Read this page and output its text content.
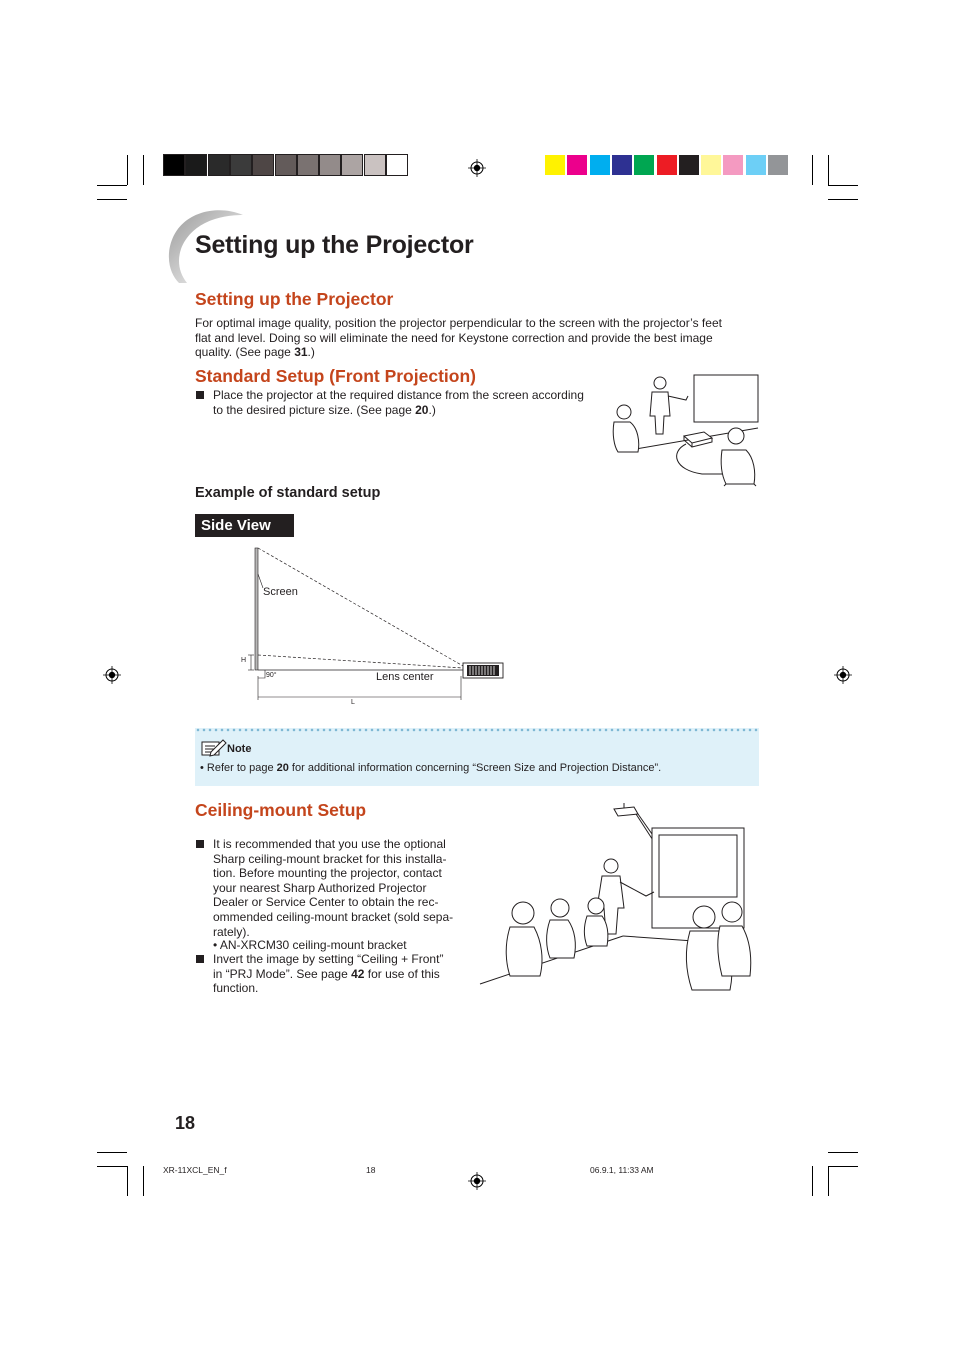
Setting up the Projector
Setting up the Projector
For optimal image quality, position the projector perpendicular to the screen with the projector’s feet
flat and level. Doing so will eliminate the need for Keystone correction and provide the best image
quality. (See page 31.)
Standard Setup (Front Projection)
Place the projector at the required distance from the screen according
to the desired picture size. (See page 20.)
Example of standard setup
Side View
Screen
Lens center
H
90°
L
Note
• Refer to page 20 for additional information concerning “Screen Size and Projection Distance”.
Ceiling-mount Setup
It is recommended that you use the optional
Sharp ceiling-mount bracket for this installa-
tion. Before mounting the projector, contact
your nearest Sharp Authorized Projector
Dealer or Service Center to obtain the rec-
ommended ceiling-mount bracket (sold sepa-
rately).
• AN-XRCM30 ceiling-mount bracket
Invert the image by setting “Ceiling + Front”
in “PRJ Mode”. See page 42 for use of this
function.
18
XR-11XCL_EN_f	18	06.9.1, 11:33 AM
